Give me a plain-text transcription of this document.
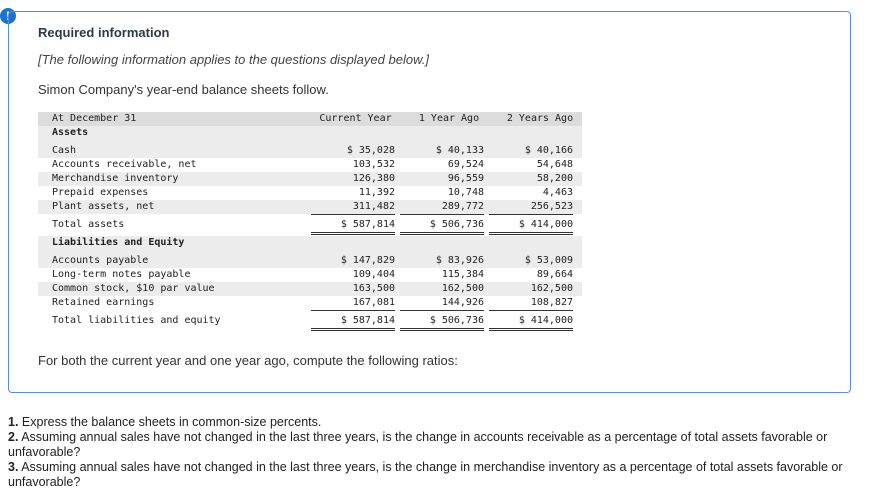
!
Required information
[The following information applies to the questions displayed below.]
Simon Company's year-end balance sheets follow.
At December 31	Current Year	1 Year Ago	2 Years Ago
Assets
Cash	$ 35,028	$ 40,133	$ 40,166
Accounts receivable, net	103,532	69,524	54,648
Merchandise inventory	126,380	96,559	58,200
Prepaid expenses	11,392	10,748	4,463
Plant assets, net	311,482	289,772	256,523
Total assets	$ 587,814	$ 506,736	$ 414,000
Liabilities and Equity
Accounts payable	$ 147,829	$ 83,926	$ 53,009
Long-term notes payable	109,404	115,384	89,664
Common stock, $10 par value	163,500	162,500	162,500
Retained earnings	167,081	144,926	108,827
Total liabilities and equity	$ 587,814	$ 506,736	$ 414,000
For both the current year and one year ago, compute the following ratios:

1. Express the balance sheets in common-size percents.

2. Assuming annual sales have not changed in the last three years, is the change in accounts receivable as a percentage of total assets favorable or unfavorable?

3. Assuming annual sales have not changed in the last three years, is the change in merchandise inventory as a percentage of total assets favorable or unfavorable?
